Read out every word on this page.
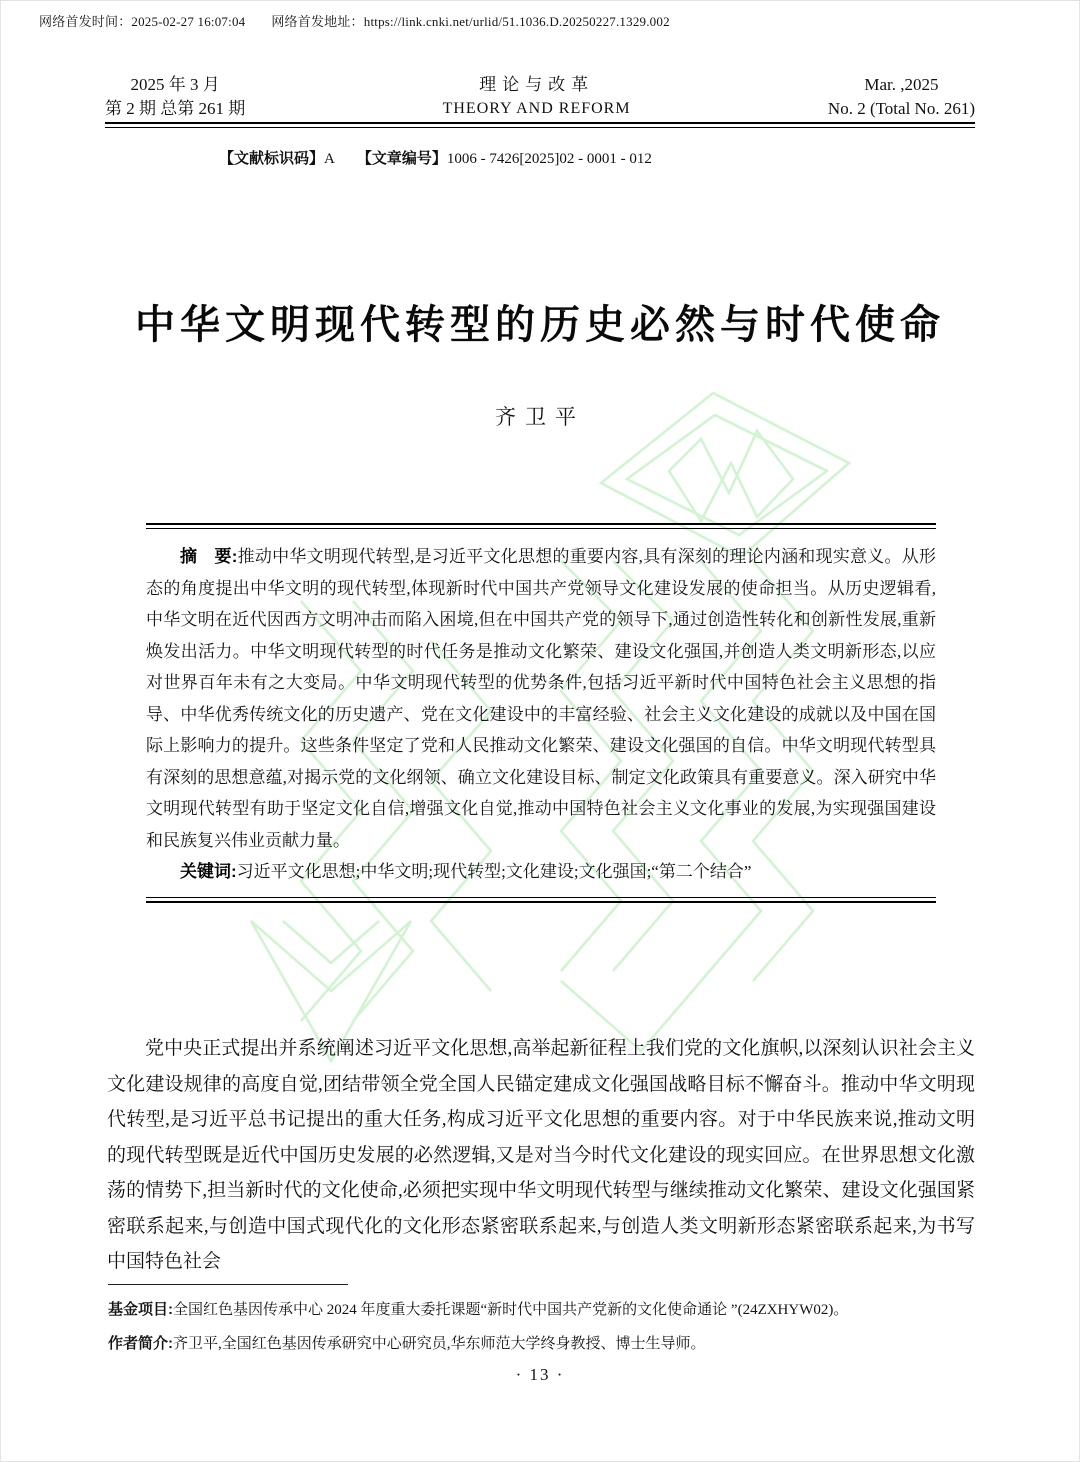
网络首发时间：2025-02-27 16:07:04 网络首发地址：https://link.cnki.net/urlid/51.1036.D.20250227.1329.002
2025 年 3 月
第 2 期 总第 261 期
理论与改革
THEORY AND REFORM
Mar. ,2025
No. 2 (Total No. 261)
【文献标识码】A 【文章编号】1006 - 7426[2025]02 - 0001 - 012
中华文明现代转型的历史必然与时代使命
齐卫平

摘　要:推动中华文明现代转型,是习近平文化思想的重要内容,具有深刻的理论内涵和现实意义。从形态的角度提出中华文明的现代转型,体现新时代中国共产党领导文化建设发展的使命担当。从历史逻辑看,中华文明在近代因西方文明冲击而陷入困境,但在中国共产党的领导下,通过创造性转化和创新性发展,重新焕发出活力。中华文明现代转型的时代任务是推动文化繁荣、建设文化强国,并创造人类文明新形态,以应对世界百年未有之大变局。中华文明现代转型的优势条件,包括习近平新时代中国特色社会主义思想的指导、中华优秀传统文化的历史遗产、党在文化建设中的丰富经验、社会主义文化建设的成就以及中国在国际上影响力的提升。这些条件坚定了党和人民推动文化繁荣、建设文化强国的自信。中华文明现代转型具有深刻的思想意蕴,对揭示党的文化纲领、确立文化建设目标、制定文化政策具有重要意义。深入研究中华文明现代转型有助于坚定文化自信,增强文化自觉,推动中国特色社会主义文化事业的发展,为实现强国建设和民族复兴伟业贡献力量。

关键词:习近平文化思想;中华文明;现代转型;文化建设;文化强国;“第二个结合”

党中央正式提出并系统阐述习近平文化思想,高举起新征程上我们党的文化旗帜,以深刻认识社会主义文化建设规律的高度自觉,团结带领全党全国人民锚定建成文化强国战略目标不懈奋斗。推动中华文明现代转型,是习近平总书记提出的重大任务,构成习近平文化思想的重要内容。对于中华民族来说,推动文明的现代转型既是近代中国历史发展的必然逻辑,又是对当今时代文化建设的现实回应。在世界思想文化激荡的情势下,担当新时代的文化使命,必须把实现中华文明现代转型与继续推动文化繁荣、建设文化强国紧密联系起来,与创造中国式现代化的文化形态紧密联系起来,与创造人类文明新形态紧密联系起来,为书写中国特色社会
基金项目:全国红色基因传承中心 2024 年度重大委托课题“新时代中国共产党新的文化使命通论 ”(24ZXHYW02)。
作者简介:齐卫平,全国红色基因传承研究中心研究员,华东师范大学终身教授、博士生导师。
· 13 ·
